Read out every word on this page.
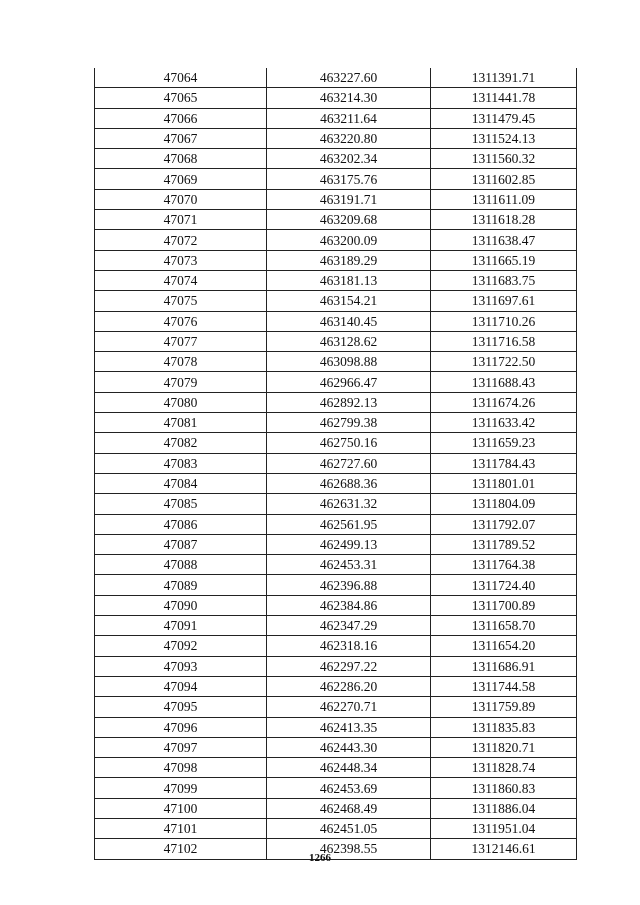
47064	463227.60	1311391.71
47065	463214.30	1311441.78
47066	463211.64	1311479.45
47067	463220.80	1311524.13
47068	463202.34	1311560.32
47069	463175.76	1311602.85
47070	463191.71	1311611.09
47071	463209.68	1311618.28
47072	463200.09	1311638.47
47073	463189.29	1311665.19
47074	463181.13	1311683.75
47075	463154.21	1311697.61
47076	463140.45	1311710.26
47077	463128.62	1311716.58
47078	463098.88	1311722.50
47079	462966.47	1311688.43
47080	462892.13	1311674.26
47081	462799.38	1311633.42
47082	462750.16	1311659.23
47083	462727.60	1311784.43
47084	462688.36	1311801.01
47085	462631.32	1311804.09
47086	462561.95	1311792.07
47087	462499.13	1311789.52
47088	462453.31	1311764.38
47089	462396.88	1311724.40
47090	462384.86	1311700.89
47091	462347.29	1311658.70
47092	462318.16	1311654.20
47093	462297.22	1311686.91
47094	462286.20	1311744.58
47095	462270.71	1311759.89
47096	462413.35	1311835.83
47097	462443.30	1311820.71
47098	462448.34	1311828.74
47099	462453.69	1311860.83
47100	462468.49	1311886.04
47101	462451.05	1311951.04
47102	462398.55	1312146.61
1266
